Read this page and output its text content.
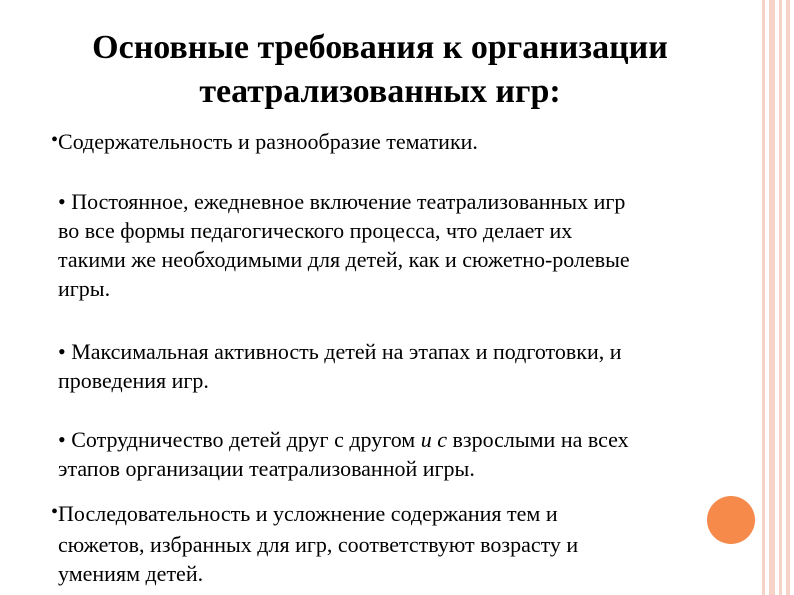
Основные требования к организации
театрализованных игр:
•Содержательность и разнообразие тематики.
• Постоянное, ежедневное включение театрализованных игр
во все формы педагогического процесса, что делает их
такими же необходимыми для детей, как и сюжетно-ролевые
игры.
• Максимальная активность детей на этапах и подготовки, и
проведения игр.
• Сотрудничество детей друг с другом и с взрослыми на всех
этапов организации театрализованной игры.
•Последовательность и усложнение содержания тем и
сюжетов, избранных для игр, соответствуют возрасту и
умениям детей.
